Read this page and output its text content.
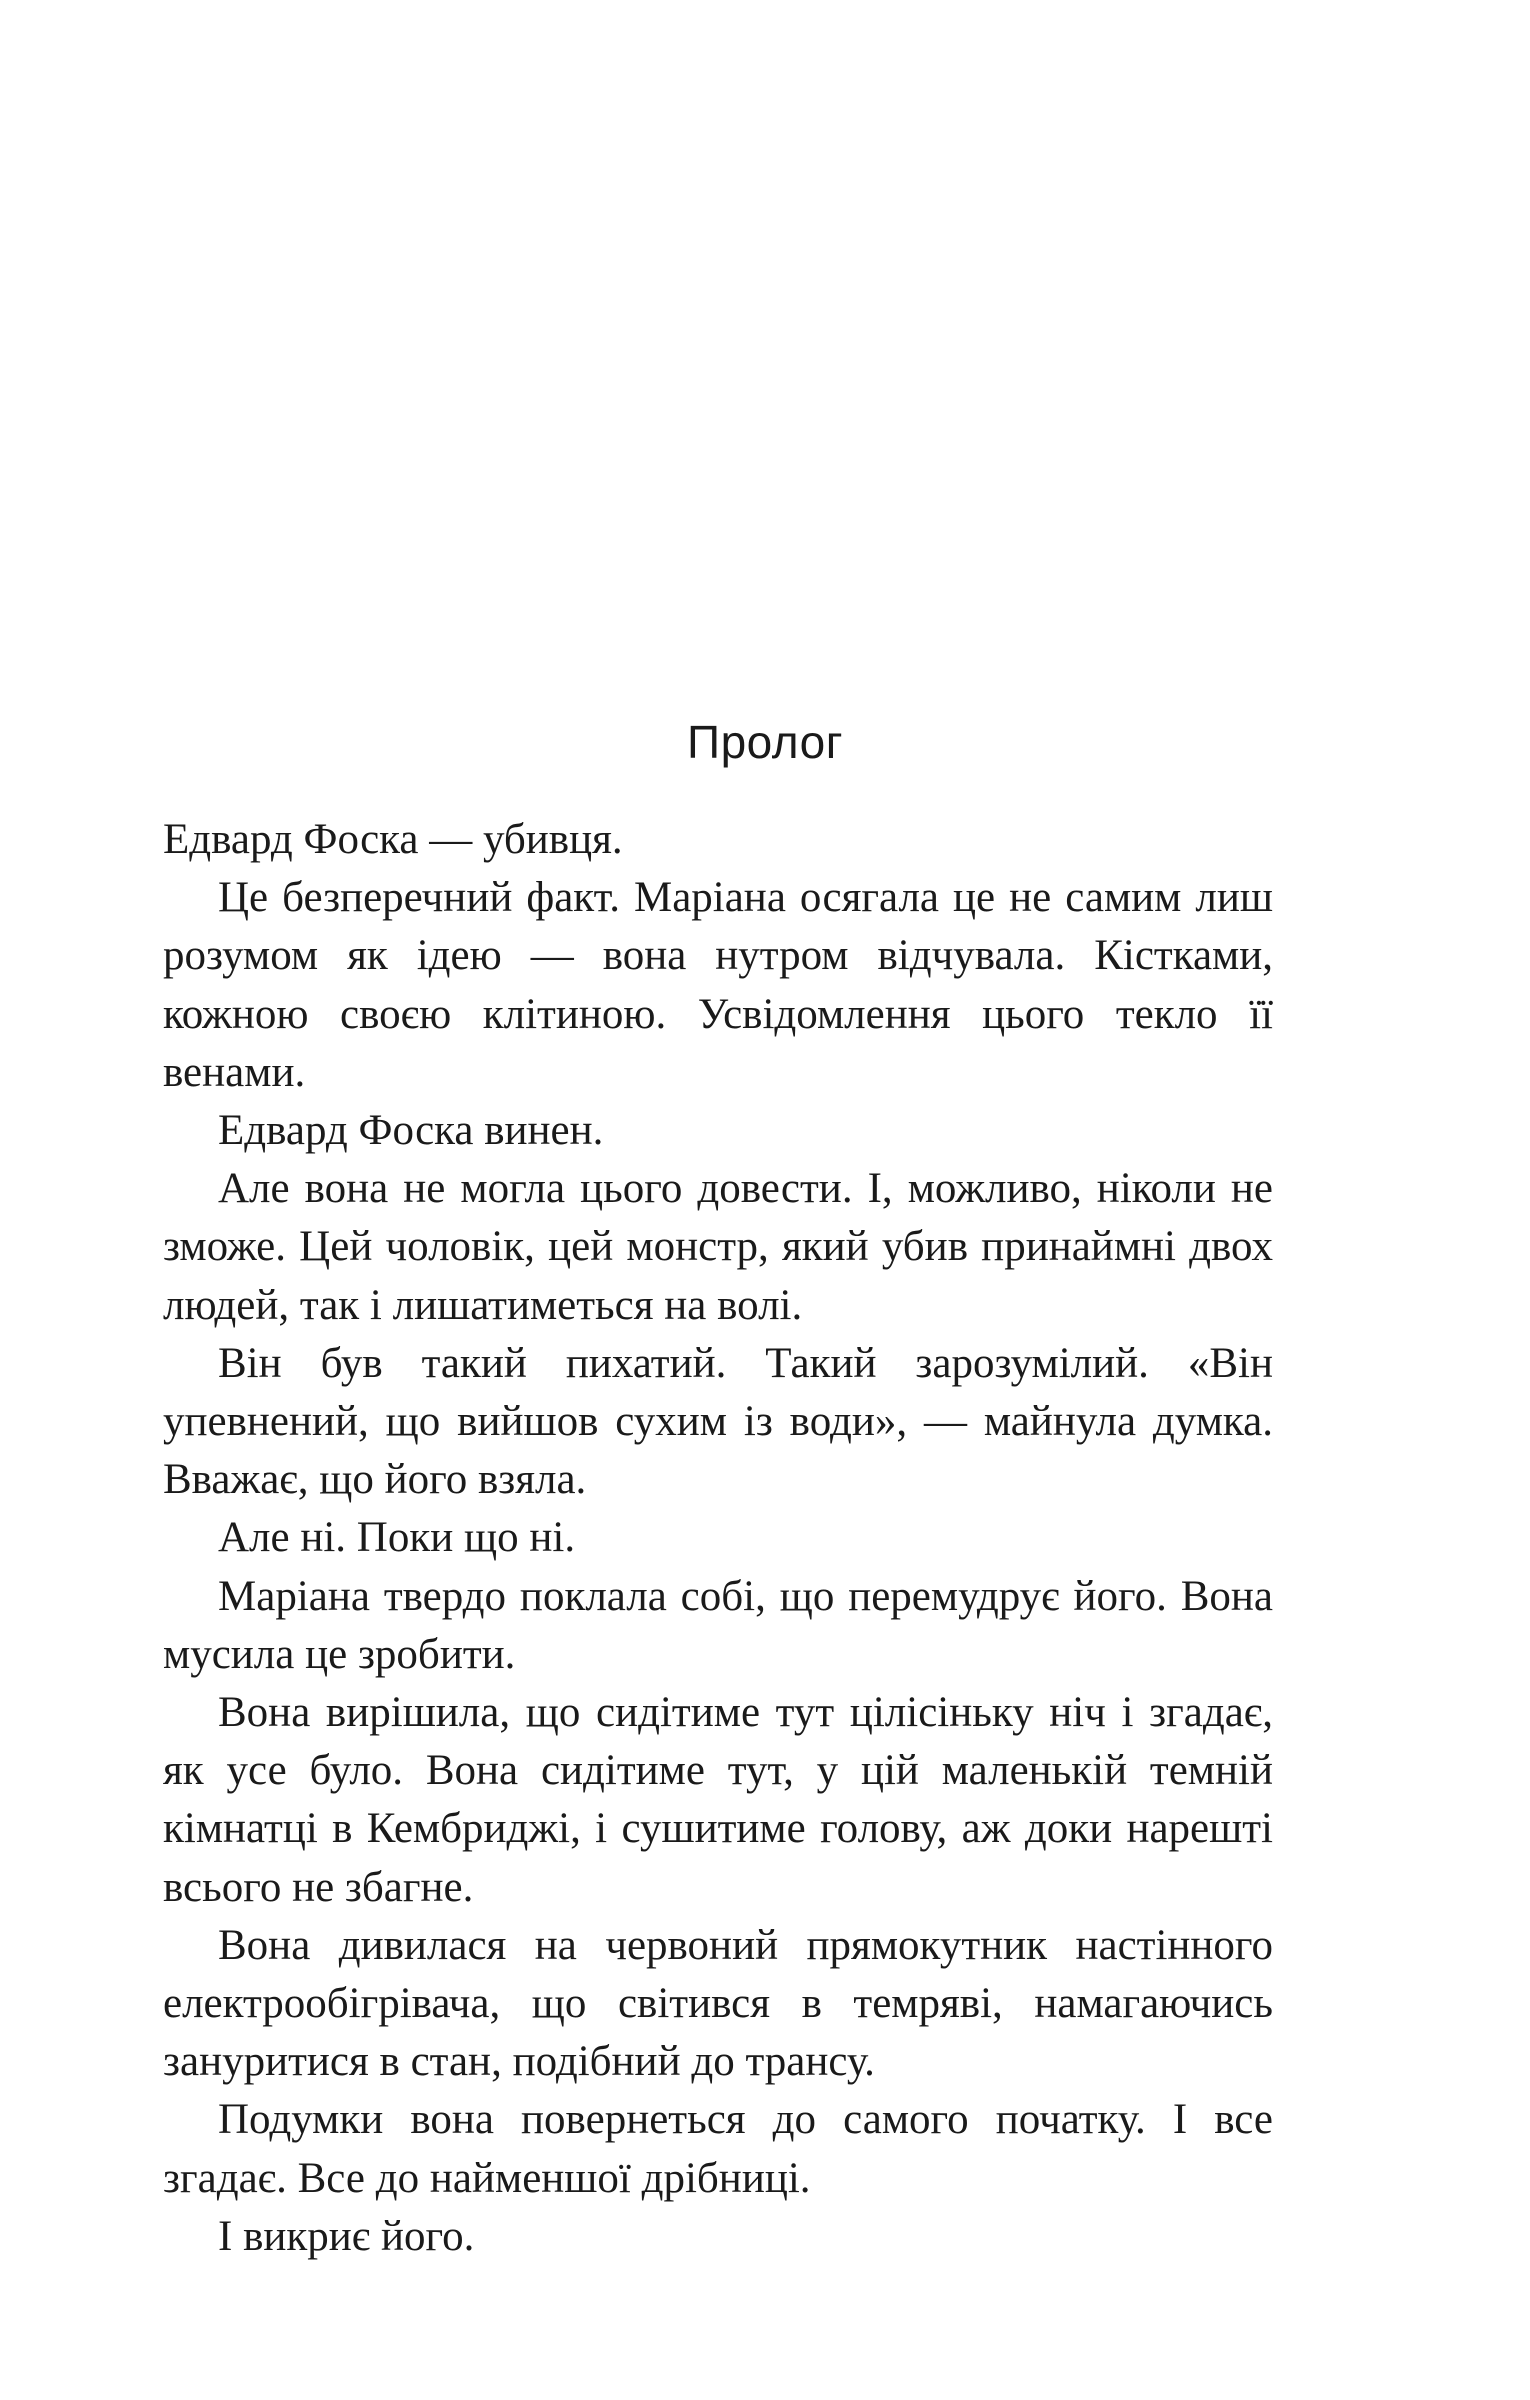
Пролог

Едвард Фоска — убивця.

Це безперечний факт. Маріана осягала це не самим лиш розумом як ідею — вона нутром відчувала. Кістками, кожною своєю клітиною. Усвідомлення цього текло її венами.

Едвард Фоска винен.

Але вона не могла цього довести. І, можливо, ніколи не зможе. Цей чоловік, цей монстр, який убив принаймні двох людей, так і лишатиметься на волі.

Він був такий пихатий. Такий зарозумілий. «Він упевнений, що вийшов сухим із води», — майнула думка. Вважає, що його взяла.

Але ні. Поки що ні.

Маріана твердо поклала собі, що перемудрує його. Вона мусила це зробити.

Вона вирішила, що сидітиме тут цілісіньку ніч і згадає, як усе було. Вона сидітиме тут, у цій маленькій темній кімнатці в Кембриджі, і сушитиме голову, аж доки нарешті всього не збагне.

Вона дивилася на червоний прямокутник настінного електрообігрівача, що світився в темряві, намагаючись зануритися в стан, подібний до трансу.

Подумки вона повернеться до самого початку. І все згадає. Все до найменшої дрібниці.

І викриє його.
